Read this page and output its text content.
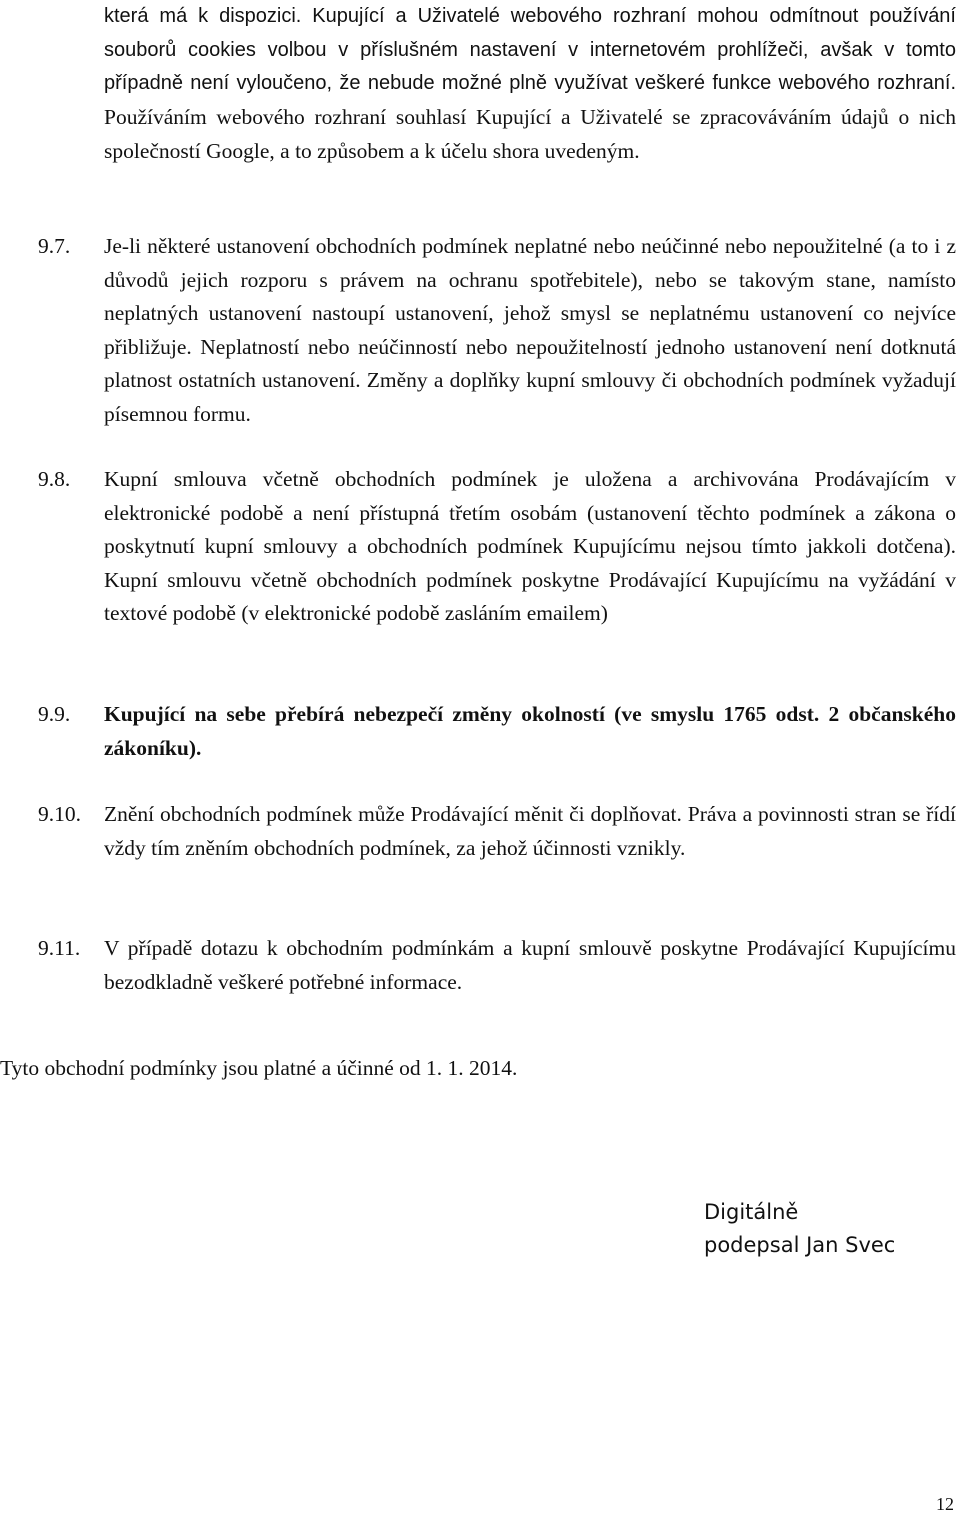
která má k dispozici. Kupující a Uživatelé webového rozhraní mohou odmítnout používání souborů cookies volbou v příslušném nastavení v internetovém prohlížeči, avšak v tomto případně není vyloučeno, že nebude možné plně využívat veškeré funkce webového rozhraní. Používáním webového rozhraní souhlasí Kupující a Uživatelé se zpracováváním údajů o nich společností Google, a to způsobem a k účelu shora uvedeným.

9.7. Je-li některé ustanovení obchodních podmínek neplatné nebo neúčinné nebo nepoužitelné (a to i z důvodů jejich rozporu s právem na ochranu spotřebitele), nebo se takovým stane, namísto neplatných ustanovení nastoupí ustanovení, jehož smysl se neplatnému ustanovení co nejvíce přibližuje. Neplatností nebo neúčinností nebo nepoužitelností jednoho ustanovení není dotknutá platnost ostatních ustanovení. Změny a doplňky kupní smlouvy či obchodních podmínek vyžadují písemnou formu.

9.8. Kupní smlouva včetně obchodních podmínek je uložena a archivována Prodávajícím v elektronické podobě a není přístupná třetím osobám (ustanovení těchto podmínek a zákona o poskytnutí kupní smlouvy a obchodních podmínek Kupujícímu nejsou tímto jakkoli dotčena). Kupní smlouvu včetně obchodních podmínek poskytne Prodávající Kupujícímu na vyžádání v textové podobě (v elektronické podobě zasláním emailem)

9.9. Kupující na sebe přebírá nebezpečí změny okolností (ve smyslu 1765 odst. 2 občanského zákoníku).

9.10. Znění obchodních podmínek může Prodávající měnit či doplňovat. Práva a povinnosti stran se řídí vždy tím zněním obchodních podmínek, za jehož účinnosti vznikly.

9.11. V případě dotazu k obchodním podmínkám a kupní smlouvě poskytne Prodávající Kupujícímu bezodkladně veškeré potřebné informace.

Tyto obchodní podmínky jsou platné a účinné od 1. 1. 2014.
Digitálně
podepsal Jan Svec
12
